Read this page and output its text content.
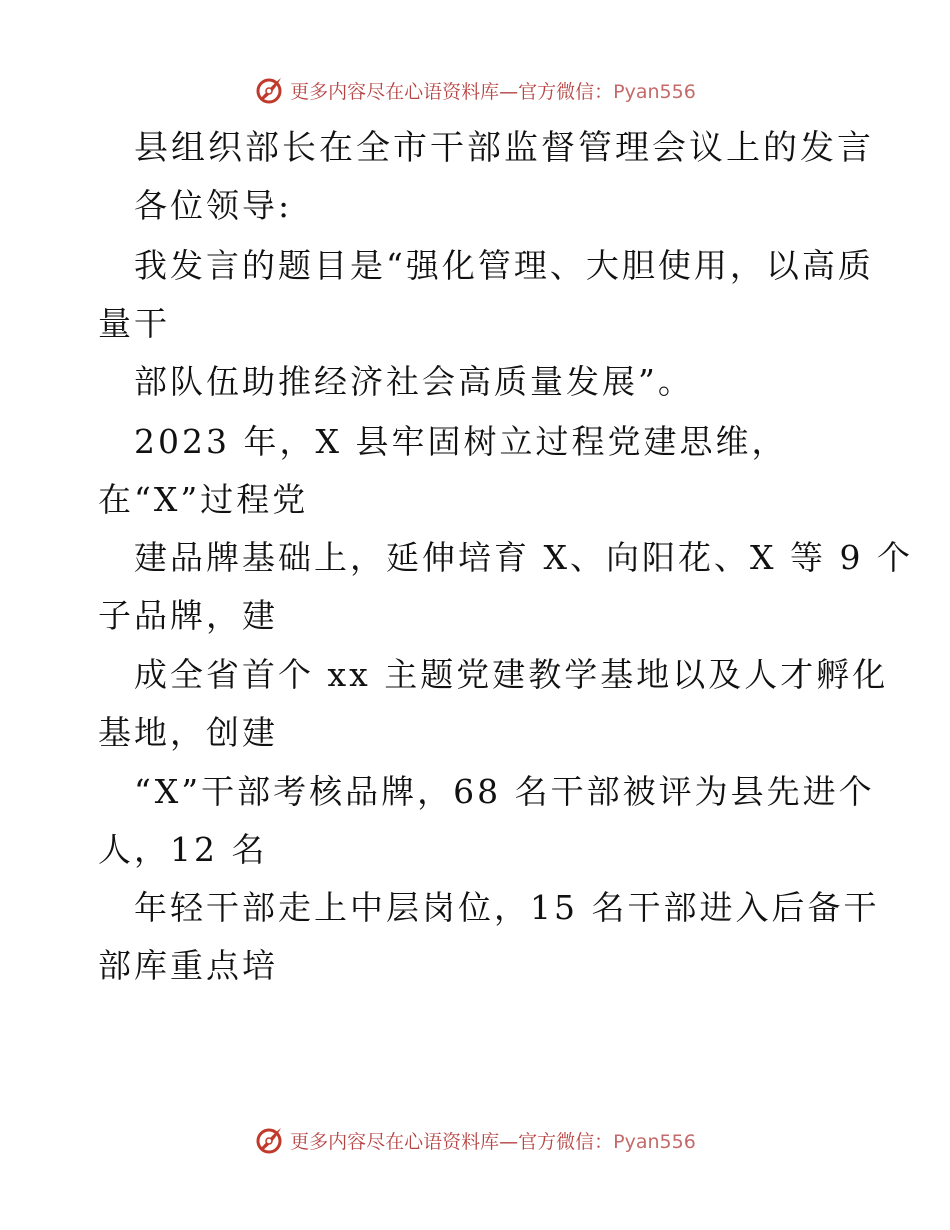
更多内容尽在心语资料库—官方微信：Pyan556
县组织部长在全市干部监督管理会议上的发言
各位领导:
我发言的题目是“强化管理、大胆使用，以高质
量干
部队伍助推经济社会高质量发展”。
2023 年，X 县牢固树立过程党建思维，
在“X”过程党
建品牌基础上，延伸培育 X、向阳花、X 等 9 个
子品牌，建
成全省首个 xx 主题党建教学基地以及人才孵化
基地，创建
“X”干部考核品牌，68 名干部被评为县先进个
人，12 名
年轻干部走上中层岗位，15 名干部进入后备干
部库重点培
更多内容尽在心语资料库—官方微信：Pyan556
